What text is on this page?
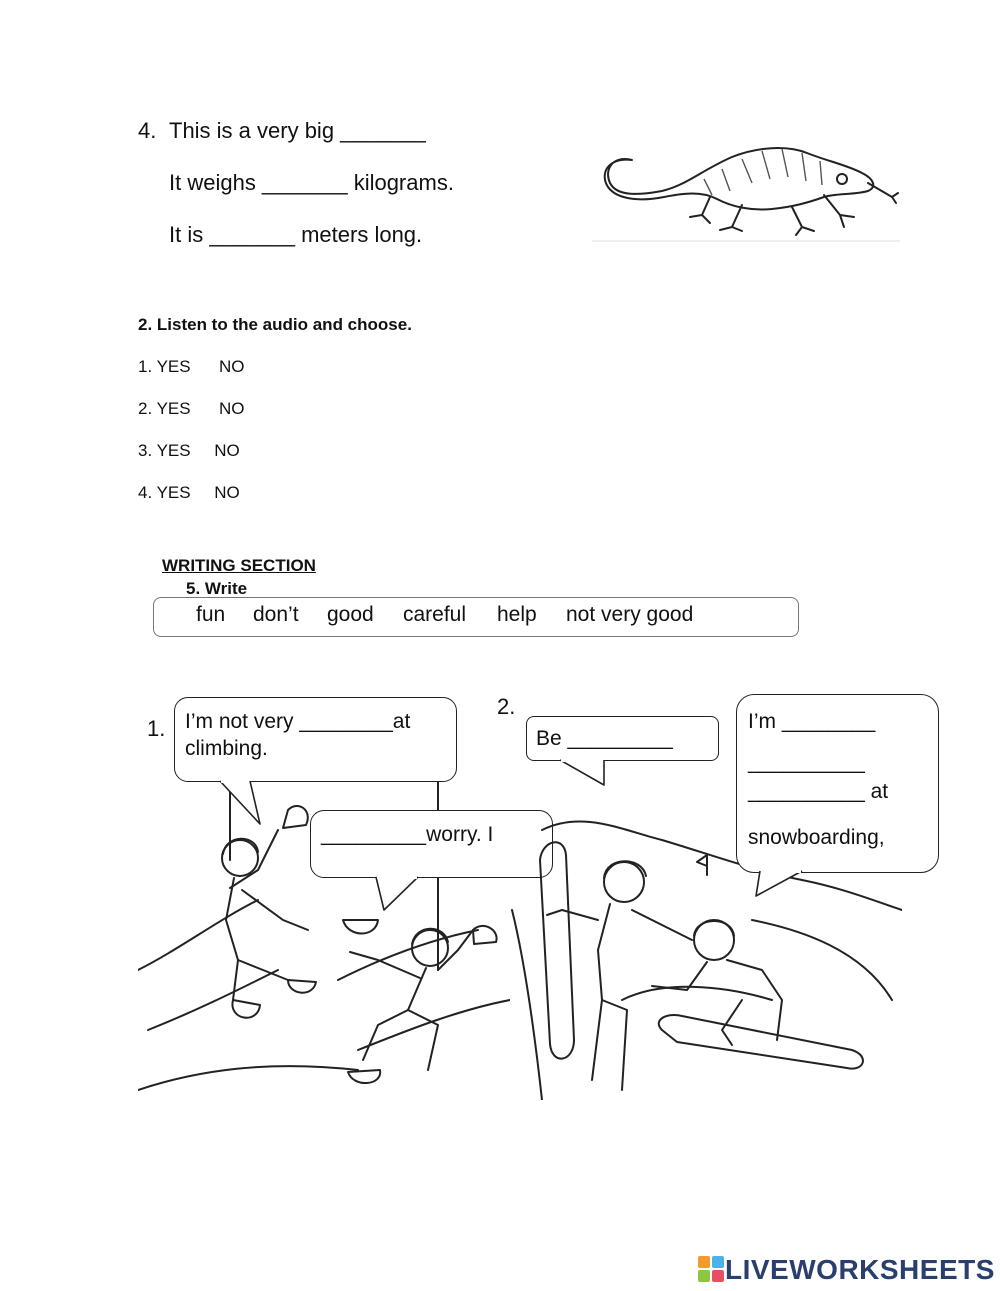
4. This is a very big _______
It weighs _______ kilograms.
It is _______ meters long.
2. Listen to the audio and choose.
1. YES      NO
2. YES      NO
3. YES     NO
4. YES     NO
WRITING SECTION
5. Write
fun don’t good careful help not very good
1. I’m not very ________at
climbing.
_________worry. I
2.
Be _________
I’m ________
__________
__________ at
snowboarding,
LIVEWORKSHEETS
